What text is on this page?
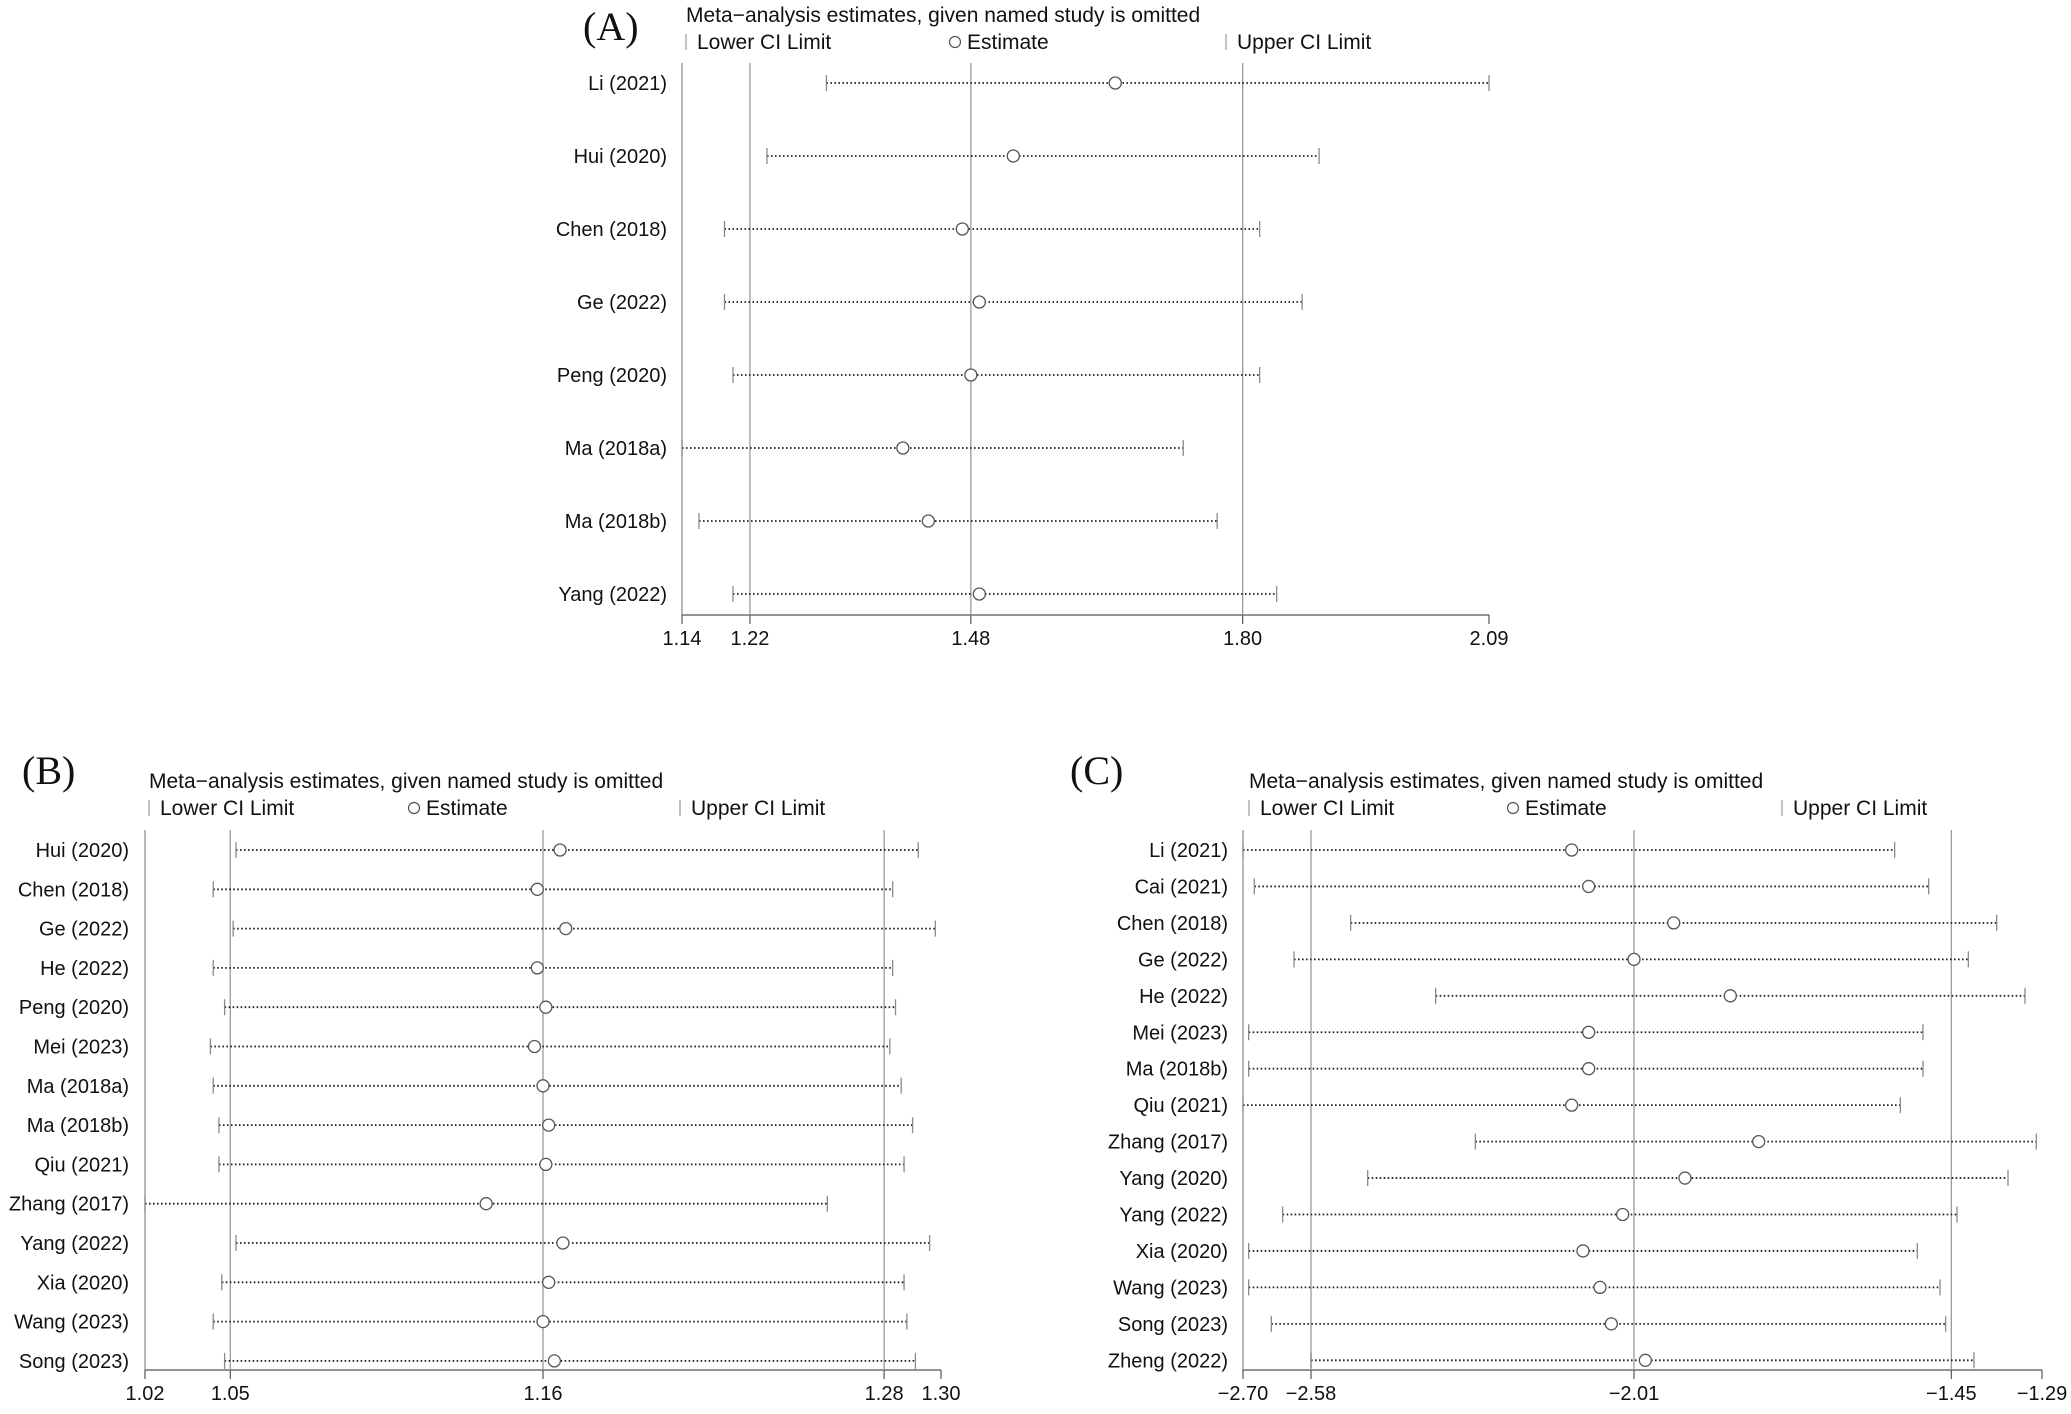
(A) Meta−analysis estimates, given named study is omitted
Lower CI Limit	Estimate	Upper CI Limit
1.14 1.22	1.48	1.80	2.09
Li (2021)
Hui (2020)
Chen (2018)
Ge (2022)
Peng (2020)
Ma (2018a)
Ma (2018b)
Yang (2022)
(B)	Meta−analysis estimates, given named study is omitted
Lower CI Limit	Estimate	Upper CI Limit
1.02 1.05	1.16	1.28 1.30
Hui (2020)
Chen (2018)
Ge (2022)
He (2022)
Peng (2020)
Mei (2023)
Ma (2018a)
Ma (2018b)
Qiu (2021)
Zhang (2017)
Yang (2022)
Xia (2020)
Wang (2023)
Song (2023)
(C)	Meta−analysis estimates, given named study is omitted
Lower CI Limit	Estimate	Upper CI Limit
−2.70 −2.58	−2.01	−1.45 −1.29
Li (2021)
Cai (2021)
Chen (2018)
Ge (2022)
He (2022)
Mei (2023)
Ma (2018b)
Qiu (2021)
Zhang (2017)
Yang (2020)
Yang (2022)
Xia (2020)
Wang (2023)
Song (2023)
Zheng (2022)
